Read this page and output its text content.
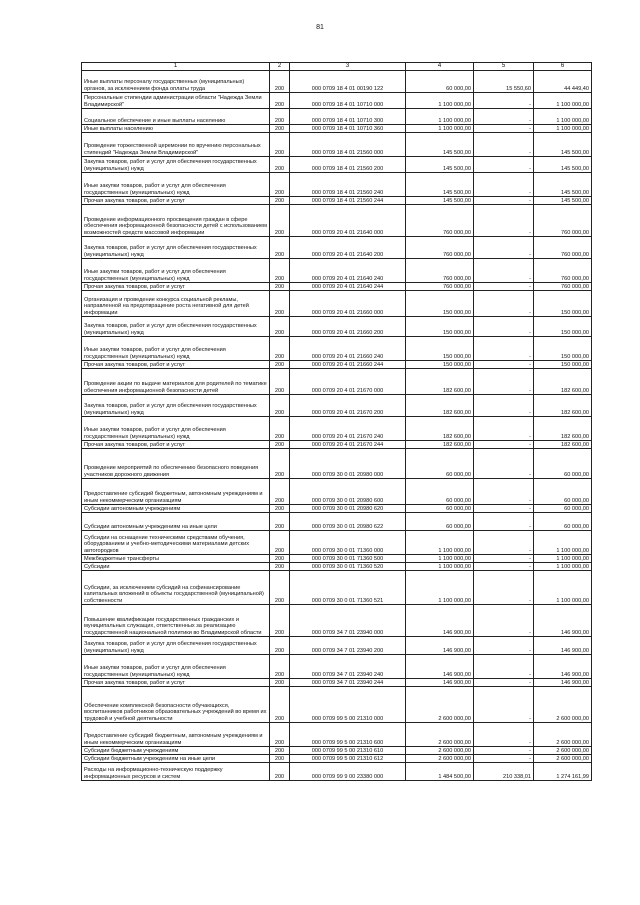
81
1	2	3	4	5	6
Иные выплаты персоналу государственных (муниципальных) органов, за исключением фонда оплаты труда	200	000 0709 18 4 01 00190 122	60 000,00	15 550,60	44 449,40
Персональные стипендии администрации области "Надежда Земли Владимирской"	200	000 0709 18 4 01 10710 000	1 100 000,00	-	1 100 000,00
Социальное обеспечение и иные выплаты населению	200	000 0709 18 4 01 10710 300	1 100 000,00	-	1 100 000,00
Иные выплаты населению	200	000 0709 18 4 01 10710 360	1 100 000,00	-	1 100 000,00
Проведение торжественной церемонии по вручению персональных стипендий "Надежда Земли Владимирской"	200	000 0709 18 4 01 21560 000	145 500,00	-	145 500,00
Закупка товаров, работ и услуг для обеспечения государственных (муниципальных) нужд	200	000 0709 18 4 01 21560 200	145 500,00	-	145 500,00
Иные закупки товаров, работ и услуг для обеспечения государственных (муниципальных) нужд	200	000 0709 18 4 01 21560 240	145 500,00	-	145 500,00
Прочая закупка товаров, работ и услуг	200	000 0709 18 4 01 21560 244	145 500,00	-	145 500,00
Проведение информационного просвещения граждан в сфере обеспечения информационной безопасности детей с использованием возможностей средств массовой информации	200	000 0709 20 4 01 21640 000	760 000,00	-	760 000,00
Закупка товаров, работ и услуг для обеспечения государственных (муниципальных) нужд	200	000 0709 20 4 01 21640 200	760 000,00	-	760 000,00
Иные закупки товаров, работ и услуг для обеспечения государственных (муниципальных) нужд	200	000 0709 20 4 01 21640 240	760 000,00	-	760 000,00
Прочая закупка товаров, работ и услуг	200	000 0709 20 4 01 21640 244	760 000,00	-	760 000,00
Организация и проведение конкурса социальной рекламы, направленной на предотвращение роста негативной для детей информации	200	000 0709 20 4 01 21660 000	150 000,00	-	150 000,00
Закупка товаров, работ и услуг для обеспечения государственных (муниципальных) нужд	200	000 0709 20 4 01 21660 200	150 000,00	-	150 000,00
Иные закупки товаров, работ и услуг для обеспечения государственных (муниципальных) нужд	200	000 0709 20 4 01 21660 240	150 000,00	-	150 000,00
Прочая закупка товаров, работ и услуг	200	000 0709 20 4 01 21660 244	150 000,00	-	150 000,00
Проведение акции по выдаче материалов для родителей по тематике обеспечения информационной безопасности детей	200	000 0709 20 4 01 21670 000	182 600,00	-	182 600,00
Закупка товаров, работ и услуг для обеспечения государственных (муниципальных) нужд	200	000 0709 20 4 01 21670 200	182 600,00	-	182 600,00
Иные закупки товаров, работ и услуг для обеспечения государственных (муниципальных) нужд	200	000 0709 20 4 01 21670 240	182 600,00	-	182 600,00
Прочая закупка товаров, работ и услуг	200	000 0709 20 4 01 21670 244	182 600,00	-	182 600,00
Проведение мероприятий по обеспечению безопасного поведения участников дорожного движения	200	000 0709 30 0 01 20980 000	60 000,00	-	60 000,00
Предоставление субсидий бюджетным, автономным учреждениям и иным некоммерческим организациям	200	000 0709 30 0 01 20980 600	60 000,00	-	60 000,00
Субсидии автономным учреждениям	200	000 0709 30 0 01 20980 620	60 000,00	-	60 000,00
Субсидии автономным учреждениям на иные цели	200	000 0709 30 0 01 20980 622	60 000,00	-	60 000,00
Субсидии на оснащение техническими средствами обучения, оборудованием и учебно-методическими материалами детских автогородков	200	000 0709 30 0 01 71360 000	1 100 000,00	-	1 100 000,00
Межбюджетные трансферты	200	000 0709 30 0 01 71360 500	1 100 000,00	-	1 100 000,00
Субсидии	200	000 0709 30 0 01 71360 520	1 100 000,00	-	1 100 000,00
Субсидии, за исключением субсидий на софинансирование капитальных вложений в объекты государственной (муниципальной) собственности	200	000 0709 30 0 01 71360 521	1 100 000,00	-	1 100 000,00
Повышение квалификации государственных гражданских и муниципальных служащих, ответственных за реализацию государственной национальной политики во Владимирской области	200	000 0709 34 7 01 23940 000	146 900,00	-	146 900,00
Закупка товаров, работ и услуг для обеспечения государственных (муниципальных) нужд	200	000 0709 34 7 01 23940 200	146 900,00	-	146 900,00
Иные закупки товаров, работ и услуг для обеспечения государственных (муниципальных) нужд	200	000 0709 34 7 01 23940 240	146 900,00	-	146 900,00
Прочая закупка товаров, работ и услуг	200	000 0709 34 7 01 23940 244	146 900,00	-	146 900,00
Обеспечение комплексной безопасности обучающихся, воспитанников работников образовательных учреждений во время их трудовой и учебной деятельности	200	000 0709 99 5 00 21310 000	2 600 000,00	-	2 600 000,00
Предоставление субсидий бюджетным, автономным учреждениям и иным некоммерческим организациям	200	000 0709 99 5 00 21310 600	2 600 000,00	-	2 600 000,00
Субсидии бюджетным учреждениям	200	000 0709 99 5 00 21310 610	2 600 000,00	-	2 600 000,00
Субсидии бюджетным учреждениям на иные цели	200	000 0709 99 5 00 21310 612	2 600 000,00	-	2 600 000,00
Расходы на информационно-техническую поддержку информационных ресурсов и систем	200	000 0709 99 9 00 23380 000	1 484 500,00	210 338,01	1 274 161,99
